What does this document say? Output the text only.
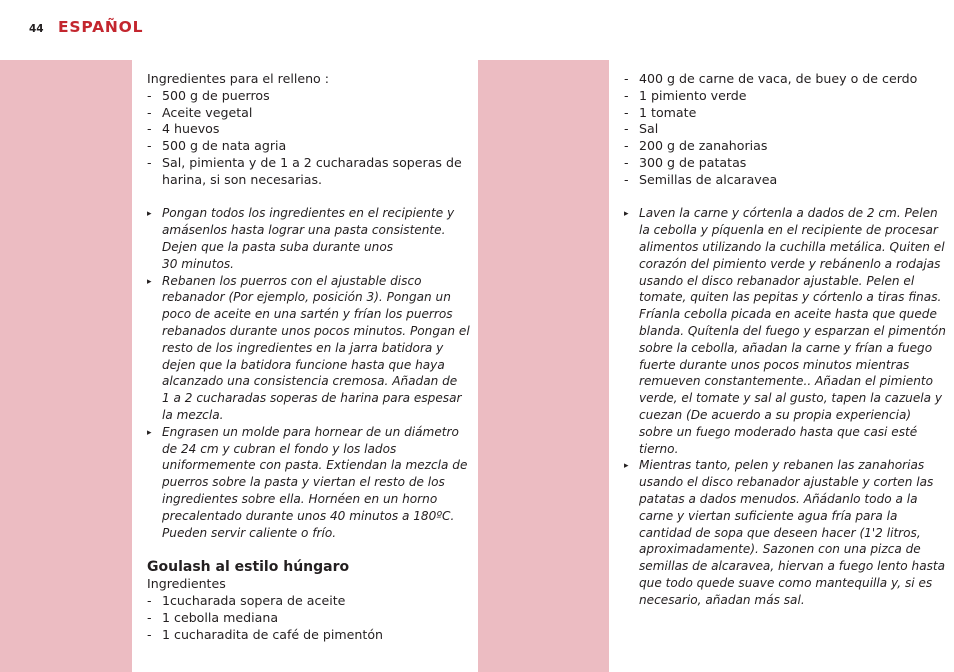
44 ESPAÑOL
Ingredientes para el relleno :
- 500 g de puerros
- Aceite vegetal
- 4 huevos
- 500 g de nata agria
- Sal, pimienta y de 1 a 2 cucharadas soperas de
harina, si son necesarias.
▸ Pongan todos los ingredientes en el recipiente y
amásenlos hasta lograr una pasta consistente.
Dejen que la pasta suba durante unos
30 minutos.
▸ Rebanen los puerros con el ajustable disco
rebanador (Por ejemplo, posición 3). Pongan un
poco de aceite en una sartén y frían los puerros
rebanados durante unos pocos minutos. Pongan el
resto de los ingredientes en la jarra batidora y
dejen que la batidora funcione hasta que haya
alcanzado una consistencia cremosa. Añadan de
1 a 2 cucharadas soperas de harina para espesar
la mezcla.
▸ Engrasen un molde para hornear de un diámetro
de 24 cm y cubran el fondo y los lados
uniformemente con pasta. Extiendan la mezcla de
puerros sobre la pasta y viertan el resto de los
ingredientes sobre ella. Hornéen en un horno
precalentado durante unos 40 minutos a 180ºC.
Pueden servir caliente o frío.
Goulash al estilo húngaro
Ingredientes
- 1cucharada sopera de aceite
- 1 cebolla mediana
- 1 cucharadita de café de pimentón
- 400 g de carne de vaca, de buey o de cerdo
- 1 pimiento verde
- 1 tomate
- Sal
- 200 g de zanahorias
- 300 g de patatas
- Semillas de alcaravea
▸ Laven la carne y córtenla a dados de 2 cm. Pelen
la cebolla y píquenla en el recipiente de procesar
alimentos utilizando la cuchilla metálica. Quiten el
corazón del pimiento verde y rebánenlo a rodajas
usando el disco rebanador ajustable. Pelen el
tomate, quiten las pepitas y córtenlo a tiras finas.
Fríanla cebolla picada en aceite hasta que quede
blanda. Quítenla del fuego y esparzan el pimentón
sobre la cebolla, añadan la carne y frían a fuego
fuerte durante unos pocos minutos mientras
remueven constantemente.. Añadan el pimiento
verde, el tomate y sal al gusto, tapen la cazuela y
cuezan (De acuerdo a su propia experiencia)
sobre un fuego moderado hasta que casi esté
tierno.
▸ Mientras tanto, pelen y rebanen las zanahorias
usando el disco rebanador ajustable y corten las
patatas a dados menudos. Añádanlo todo a la
carne y viertan suficiente agua fría para la
cantidad de sopa que deseen hacer (1'2 litros,
aproximadamente). Sazonen con una pizca de
semillas de alcaravea, hiervan a fuego lento hasta
que todo quede suave como mantequilla y, si es
necesario, añadan más sal.
